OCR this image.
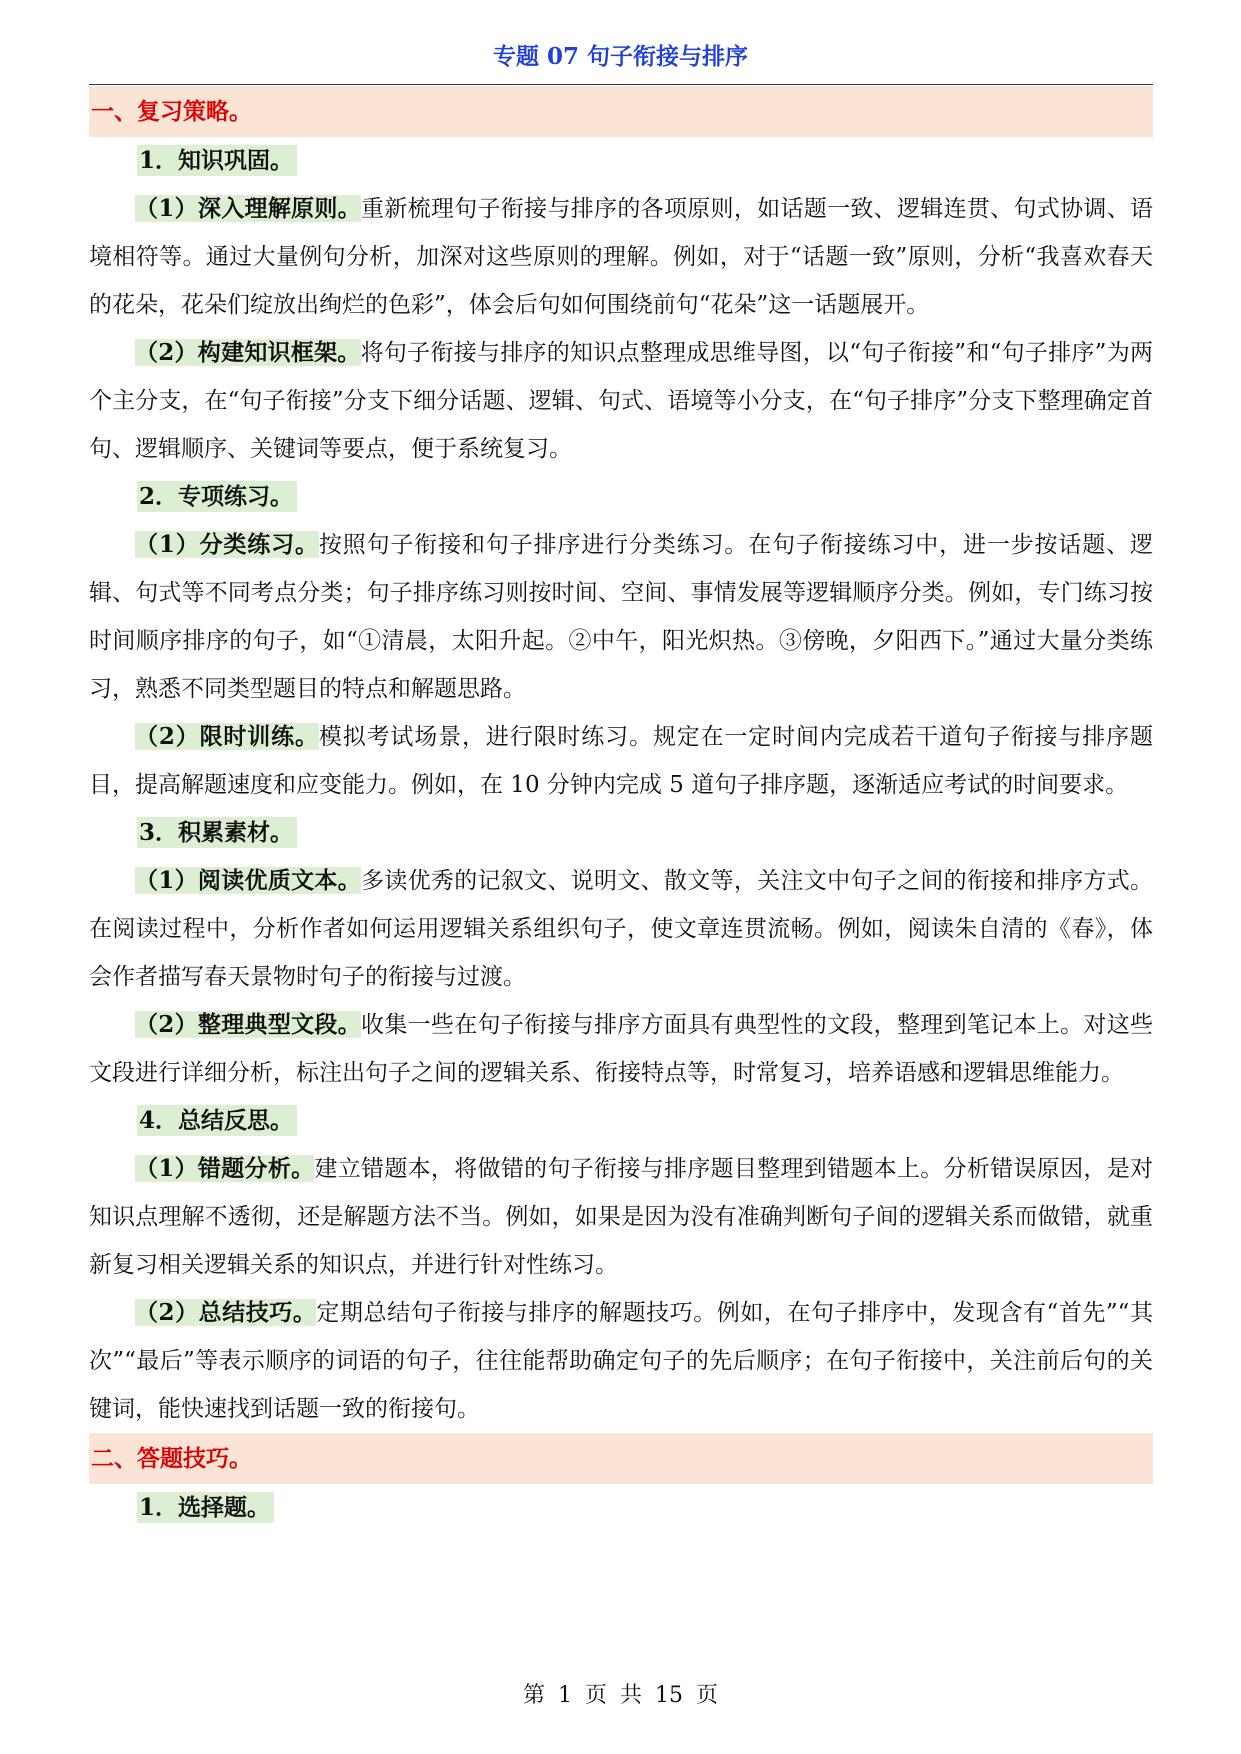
专题 07 句子衔接与排序
一、复习策略。
1．知识巩固。

（1）深入理解原则。重新梳理句子衔接与排序的各项原则，如话题一致、逻辑连贯、句式协调、语境相符等。通过大量例句分析，加深对这些原则的理解。例如，对于“话题一致”原则，分析“我喜欢春天的花朵，花朵们绽放出绚烂的色彩”，体会后句如何围绕前句“花朵”这一话题展开。

（2）构建知识框架。将句子衔接与排序的知识点整理成思维导图，以“句子衔接”和“句子排序”为两个主分支，在“句子衔接”分支下细分话题、逻辑、句式、语境等小分支，在“句子排序”分支下整理确定首句、逻辑顺序、关键词等要点，便于系统复习。

2．专项练习。

（1）分类练习。按照句子衔接和句子排序进行分类练习。在句子衔接练习中，进一步按话题、逻辑、句式等不同考点分类；句子排序练习则按时间、空间、事情发展等逻辑顺序分类。例如，专门练习按时间顺序排序的句子，如“①清晨，太阳升起。②中午，阳光炽热。③傍晚，夕阳西下。”通过大量分类练习，熟悉不同类型题目的特点和解题思路。

（2）限时训练。模拟考试场景，进行限时练习。规定在一定时间内完成若干道句子衔接与排序题目，提高解题速度和应变能力。例如，在 10 分钟内完成 5 道句子排序题，逐渐适应考试的时间要求。

3．积累素材。

（1）阅读优质文本。多读优秀的记叙文、说明文、散文等，关注文中句子之间的衔接和排序方式。在阅读过程中，分析作者如何运用逻辑关系组织句子，使文章连贯流畅。例如，阅读朱自清的《春》，体会作者描写春天景物时句子的衔接与过渡。

（2）整理典型文段。收集一些在句子衔接与排序方面具有典型性的文段，整理到笔记本上。对这些文段进行详细分析，标注出句子之间的逻辑关系、衔接特点等，时常复习，培养语感和逻辑思维能力。

4．总结反思。

（1）错题分析。建立错题本，将做错的句子衔接与排序题目整理到错题本上。分析错误原因，是对知识点理解不透彻，还是解题方法不当。例如，如果是因为没有准确判断句子间的逻辑关系而做错，就重新复习相关逻辑关系的知识点，并进行针对性练习。

（2）总结技巧。定期总结句子衔接与排序的解题技巧。例如，在句子排序中，发现含有“首先”“其次”“最后”等表示顺序的词语的句子，往往能帮助确定句子的先后顺序；在句子衔接中，关注前后句的关键词，能快速找到话题一致的衔接句。

二、答题技巧。
1．选择题。
第 1 页 共 15 页
